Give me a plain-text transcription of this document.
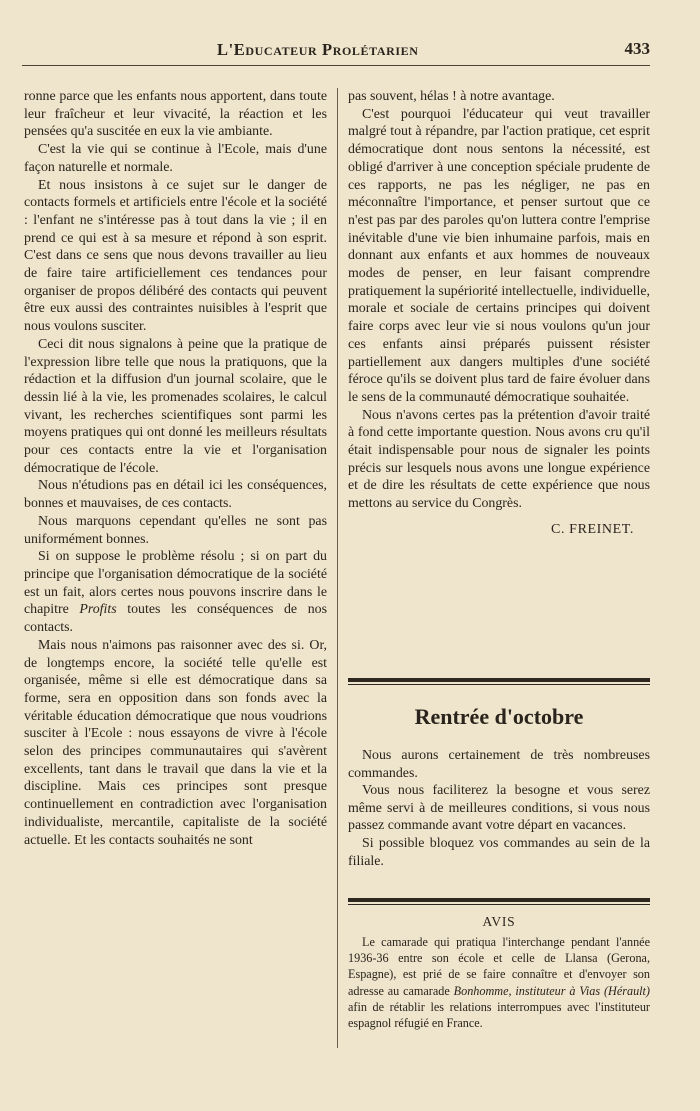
L'Educateur Prolétarien	433

ronne parce que les enfants nous apportent, dans toute leur fraîcheur et leur vivacité, la réaction et les pensées qu'a suscitée en eux la vie ambiante.

C'est la vie qui se continue à l'Ecole, mais d'une façon naturelle et normale.

Et nous insistons à ce sujet sur le danger de contacts formels et artificiels entre l'école et la société : l'enfant ne s'intéresse pas à tout dans la vie ; il en prend ce qui est à sa mesure et répond à son esprit. C'est dans ce sens que nous devons travailler au lieu de faire taire artificiellement ces tendances pour organiser de propos délibéré des contacts qui peuvent être eux aussi des contraintes nuisibles à l'esprit que nous voulons susciter.

Ceci dit nous signalons à peine que la pratique de l'expression libre telle que nous la pratiquons, que la rédaction et la diffusion d'un journal scolaire, que le dessin lié à la vie, les promenades scolaires, le calcul vivant, les recherches scientifiques sont parmi les moyens pratiques qui ont donné les meilleurs résultats pour ces contacts entre la vie et l'organisation démocratique de l'école.

Nous n'étudions pas en détail ici les conséquences, bonnes et mauvaises, de ces contacts.

Nous marquons cependant qu'elles ne sont pas uniformément bonnes.

Si on suppose le problème résolu ; si on part du principe que l'organisation démocratique de la société est un fait, alors certes nous pouvons inscrire dans le chapitre Profits toutes les conséquences de nos contacts.

Mais nous n'aimons pas raisonner avec des si. Or, de longtemps encore, la société telle qu'elle est organisée, même si elle est démocratique dans sa forme, sera en opposition dans son fonds avec la véritable éducation démocratique que nous voudrions susciter à l'Ecole : nous essayons de vivre à l'école selon des principes communautaires qui s'avèrent excellents, tant dans le travail que dans la vie et la discipline. Mais ces principes sont presque continuellement en contradiction avec l'organisation individualiste, mercantile, capitaliste de la société actuelle. Et les contacts souhaités ne sont

pas souvent, hélas ! à notre avantage.

C'est pourquoi l'éducateur qui veut travailler malgré tout à répandre, par l'action pratique, cet esprit démocratique dont nous sentons la nécessité, est obligé d'arriver à une conception spéciale prudente de ces rapports, ne pas les négliger, ne pas en méconnaître l'importance, et penser surtout que ce n'est pas par des paroles qu'on luttera contre l'emprise inévitable d'une vie bien inhumaine parfois, mais en donnant aux enfants et aux hommes de nouveaux modes de penser, en leur faisant comprendre pratiquement la supériorité intellectuelle, individuelle, morale et sociale de certains principes qui doivent faire corps avec leur vie si nous voulons qu'un jour ces enfants ainsi préparés puissent résister partiellement aux dangers multiples d'une société féroce qu'ils se doivent plus tard de faire évoluer dans le sens de la communauté démocratique souhaitée.

Nous n'avons certes pas la prétention d'avoir traité à fond cette importante question. Nous avons cru qu'il était indispensable pour nous de signaler les points précis sur lesquels nous avons une longue expérience et de dire les résultats de cette expérience que nous mettons au service du Congrès.

C. FREINET.
Rentrée d'octobre

Nous aurons certainement de très nombreuses commandes.

Vous nous faciliterez la besogne et vous serez même servi à de meilleures conditions, si vous nous passez commande avant votre départ en vacances.

Si possible bloquez vos commandes au sein de la filiale.

AVIS

Le camarade qui pratiqua l'interchange pendant l'année 1936-36 entre son école et celle de Llansa (Gerona, Espagne), est prié de se faire connaître et d'envoyer son adresse au camarade Bonhomme, instituteur à Vias (Hérault) afin de rétablir les relations interrompues avec l'instituteur espagnol réfugié en France.
